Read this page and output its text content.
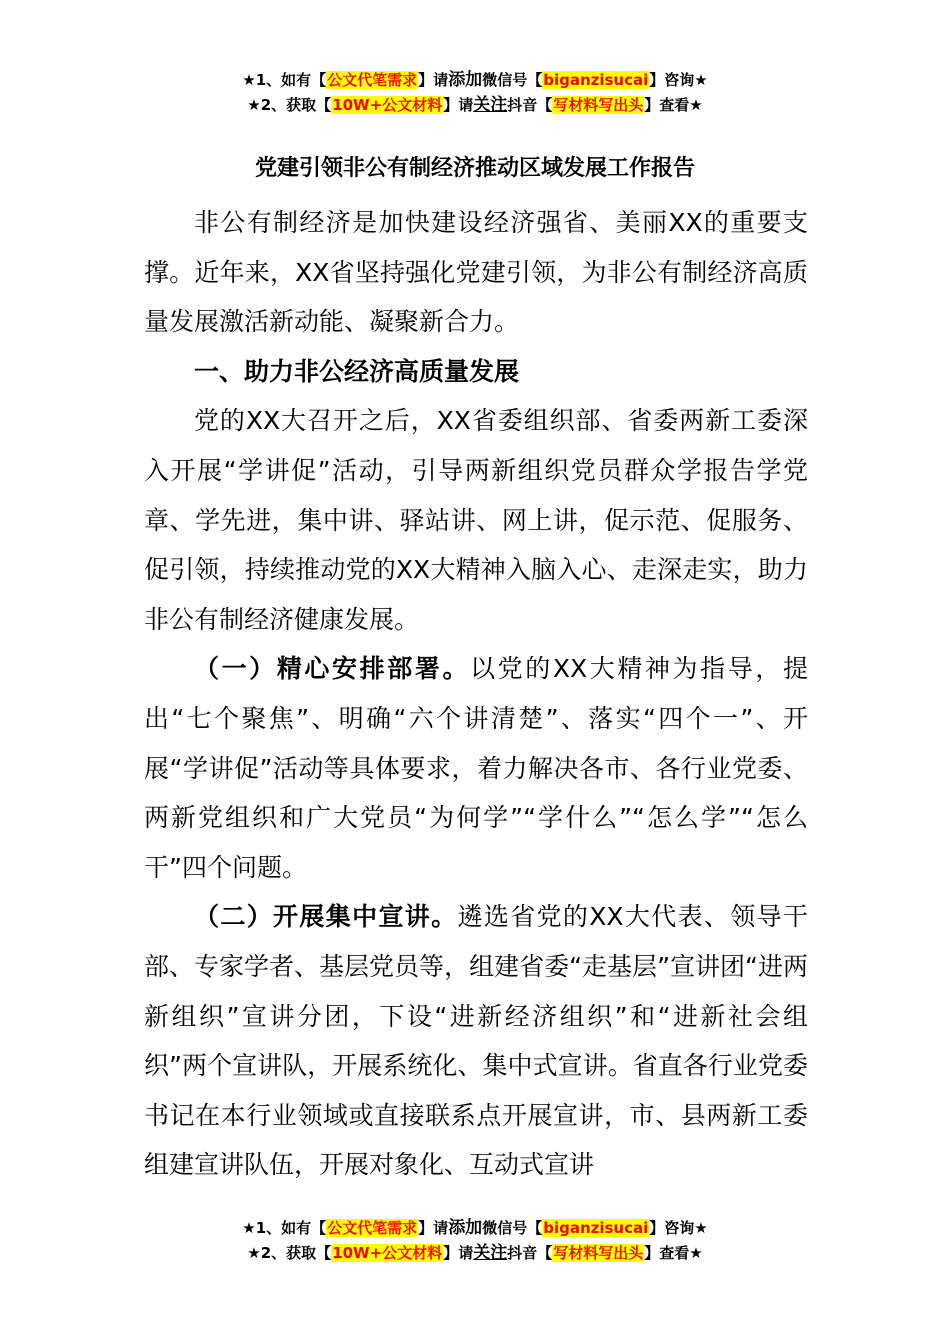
★1、如有【公文代笔需求】请添加微信号【biganzisucai】咨询★
★2、获取【10W+公文材料】请关注抖音【写材料写出头】查看★
党建引领非公有制经济推动区域发展工作报告

非公有制经济是加快建设经济强省、美丽XX的重要支撑。近年来，XX省坚持强化党建引领，为非公有制经济高质量发展激活新动能、凝聚新合力。

一、助力非公经济高质量发展

党的XX大召开之后，XX省委组织部、省委两新工委深入开展“学讲促”活动，引导两新组织党员群众学报告学党章、学先进，集中讲、驿站讲、网上讲，促示范、促服务、促引领，持续推动党的XX大精神入脑入心、走深走实，助力非公有制经济健康发展。

（一）精心安排部署。以党的XX大精神为指导，提出“七个聚焦”、明确“六个讲清楚”、落实“四个一”、开展“学讲促”活动等具体要求，着力解决各市、各行业党委、两新党组织和广大党员“为何学”“学什么”“怎么学”“怎么干”四个问题。

（二）开展集中宣讲。遴选省党的XX大代表、领导干部、专家学者、基层党员等，组建省委“走基层”宣讲团“进两新组织”宣讲分团，下设“进新经济组织”和“进新社会组织”两个宣讲队，开展系统化、集中式宣讲。省直各行业党委书记在本行业领域或直接联系点开展宣讲，市、县两新工委组建宣讲队伍，开展对象化、互动式宣讲

★1、如有【公文代笔需求】请添加微信号【biganzisucai】咨询★
★2、获取【10W+公文材料】请关注抖音【写材料写出头】查看★
